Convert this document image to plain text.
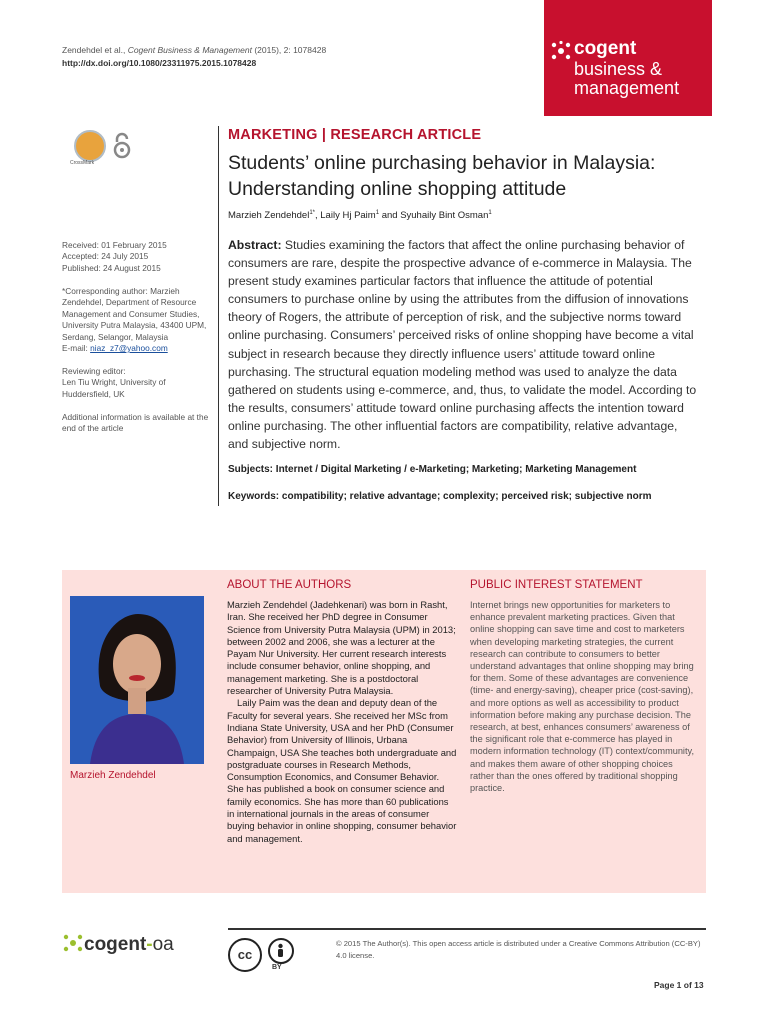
Zendehdel et al., Cogent Business & Management (2015), 2: 1078428
http://dx.doi.org/10.1080/23311975.2015.1078428
cogent
business &
management
CrossMark
MARKETING | RESEARCH ARTICLE
Students’ online purchasing behavior in Malaysia: Understanding online shopping attitude
Marzieh Zendehdel$^{1*}$, Laily Hj Paim$^1$ and Syuhaily Bint Osman$^1$
Received: 01 February 2015
Accepted: 24 July 2015
Published: 24 August 2015
*Corresponding author: Marzieh Zendehdel, Department of Resource Management and Consumer Studies, University Putra Malaysia, 43400 UPM, Serdang, Selangor, Malaysia
E-mail: niaz_z7@yahoo.com
Reviewing editor:
Len Tiu Wright, University of Huddersfield, UK
Additional information is available at the end of the article
Abstract: Studies examining the factors that affect the online purchasing behavior of consumers are rare, despite the prospective advance of e-commerce in Malaysia. The present study examines particular factors that influence the attitude of potential consumers to purchase online by using the attributes from the diffusion of innovations theory of Rogers, the attribute of perception of risk, and the subjective norms toward online purchasing. Consumers’ perceived risks of online shopping have become a vital subject in research because they directly influence users’ attitude toward online purchasing. The structural equation modeling method was used to analyze the data gathered on students using e-commerce, and, thus, to validate the model. According to the results, consumers’ attitude toward online purchasing affects the intention toward online purchasing. The other influential factors are compatibility, relative advantage, and subjective norm.
Subjects: Internet / Digital Marketing / e-Marketing; Marketing; Marketing Management
Keywords: compatibility; relative advantage; complexity; perceived risk; subjective norm
Marzieh Zendehdel
ABOUT THE AUTHORS
Marzieh Zendehdel (Jadehkenari) was born in Rasht, Iran. She received her PhD degree in Consumer Science from University Putra Malaysia (UPM) in 2013; between 2002 and 2006, she was a lecturer at the Payam Nur University. Her current research interests include consumer behavior, online shopping, and management marketing. She is a postdoctoral researcher of University Putra Malaysia.
Laily Paim was the dean and deputy dean of the Faculty for several years. She received her MSc from Indiana State University, USA and her PhD (Consumer Behavior) from University of Illinois, Urbana Champaign, USA She teaches both undergraduate and postgraduate courses in Research Methods, Consumption Economics, and Consumer Behavior. She has published a book on consumer science and family economics. She has more than 60 publications in international journals in the areas of consumer buying behavior in online shopping, consumer behavior and management.
PUBLIC INTEREST STATEMENT
Internet brings new opportunities for marketers to enhance prevalent marketing practices. Given that online shopping can save time and cost to marketers when developing marketing strategies, the current research can contribute to consumers to better understand advantages that online shopping may bring for them. Some of these advantages are convenience (time- and energy-saving), cheaper price (cost-saving), and more options as well as accessibility to product information before making any purchase decision. The research, at best, enhances consumers’ awareness of the significant role that e-commerce has played in modern information technology (IT) context/community, and makes them aware of other shopping choices rather than the ones offered by traditional shopping practice.
cogent-oa	cc
BY
© 2015 The Author(s). This open access article is distributed under a Creative Commons Attribution (CC-BY) 4.0 license.
Page 1 of 13
